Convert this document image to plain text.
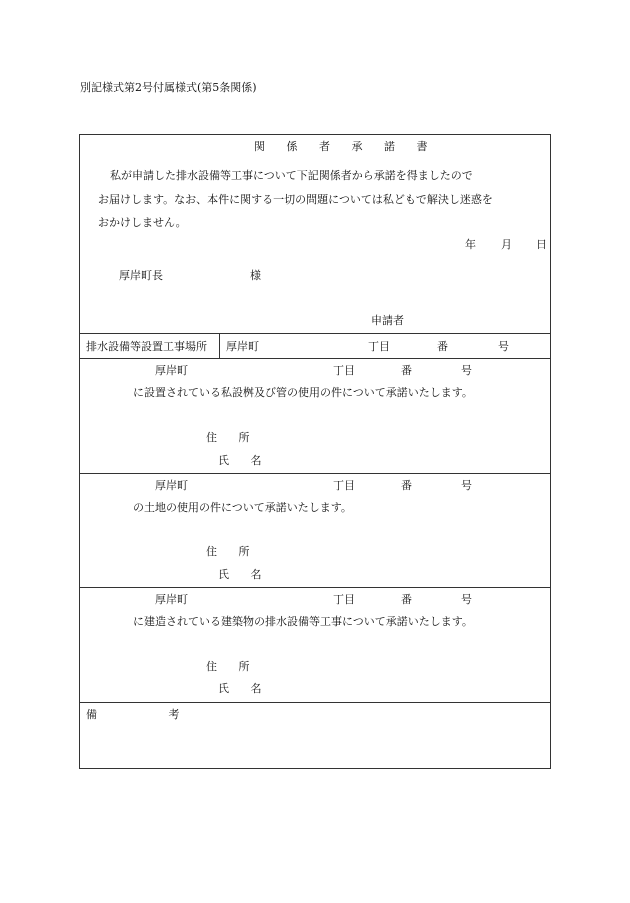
別記様式第2号付属様式(第5条関係)
関 係 者 承 諾 書
私が申請した排水設備等工事について下記関係者から承諾を得ましたので
お届けします。なお、本件に関する一切の問題については私どもで解決し迷惑を
おかけしません。
年 月 日
厚岸町長	様
申請者
排水設備等設置工事場所 厚岸町	丁目	番	号
厚岸町	丁目	番	号
に設置されている私設桝及び管の使用の件について承諾いたします。
住 所
氏 名
厚岸町	丁目	番	号
の土地の使用の件について承諾いたします。
住 所
氏 名
厚岸町	丁目	番	号
に建造されている建築物の排水設備等工事について承諾いたします。
住 所
氏 名
備 考
